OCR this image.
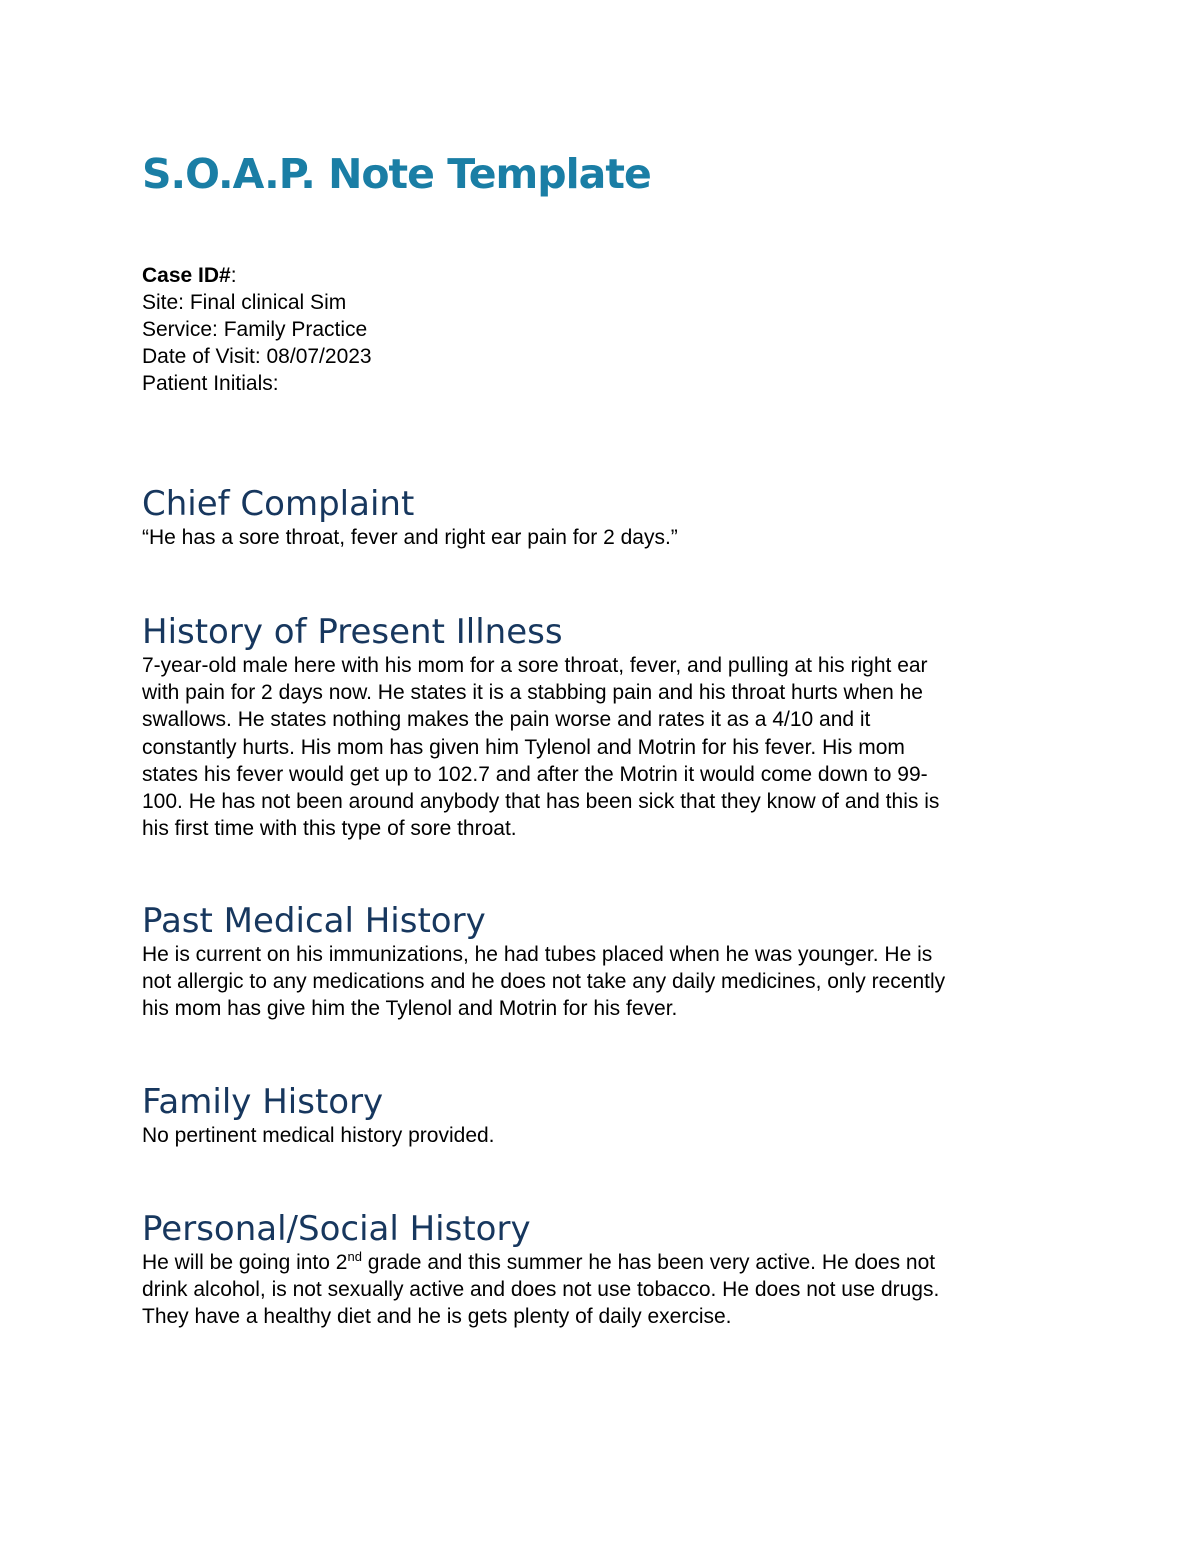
S.O.A.P. Note Template
Case ID#:
Site: Final clinical Sim
Service: Family Practice
Date of Visit: 08/07/2023
Patient Initials:
Chief Complaint

“He has a sore throat, fever and right ear pain for 2 days.”

History of Present Illness

7-year-old male here with his mom for a sore throat, fever, and pulling at his right ear
with pain for 2 days now. He states it is a stabbing pain and his throat hurts when he
swallows. He states nothing makes the pain worse and rates it as a 4/10 and it
constantly hurts. His mom has given him Tylenol and Motrin for his fever. His mom
states his fever would get up to 102.7 and after the Motrin it would come down to 99-
100. He has not been around anybody that has been sick that they know of and this is
his first time with this type of sore throat.

Past Medical History

He is current on his immunizations, he had tubes placed when he was younger. He is
not allergic to any medications and he does not take any daily medicines, only recently
his mom has give him the Tylenol and Motrin for his fever.

Family History

No pertinent medical history provided.

Personal/Social History

He will be going into 2nd grade and this summer he has been very active. He does not
drink alcohol, is not sexually active and does not use tobacco. He does not use drugs.
They have a healthy diet and he is gets plenty of daily exercise.
